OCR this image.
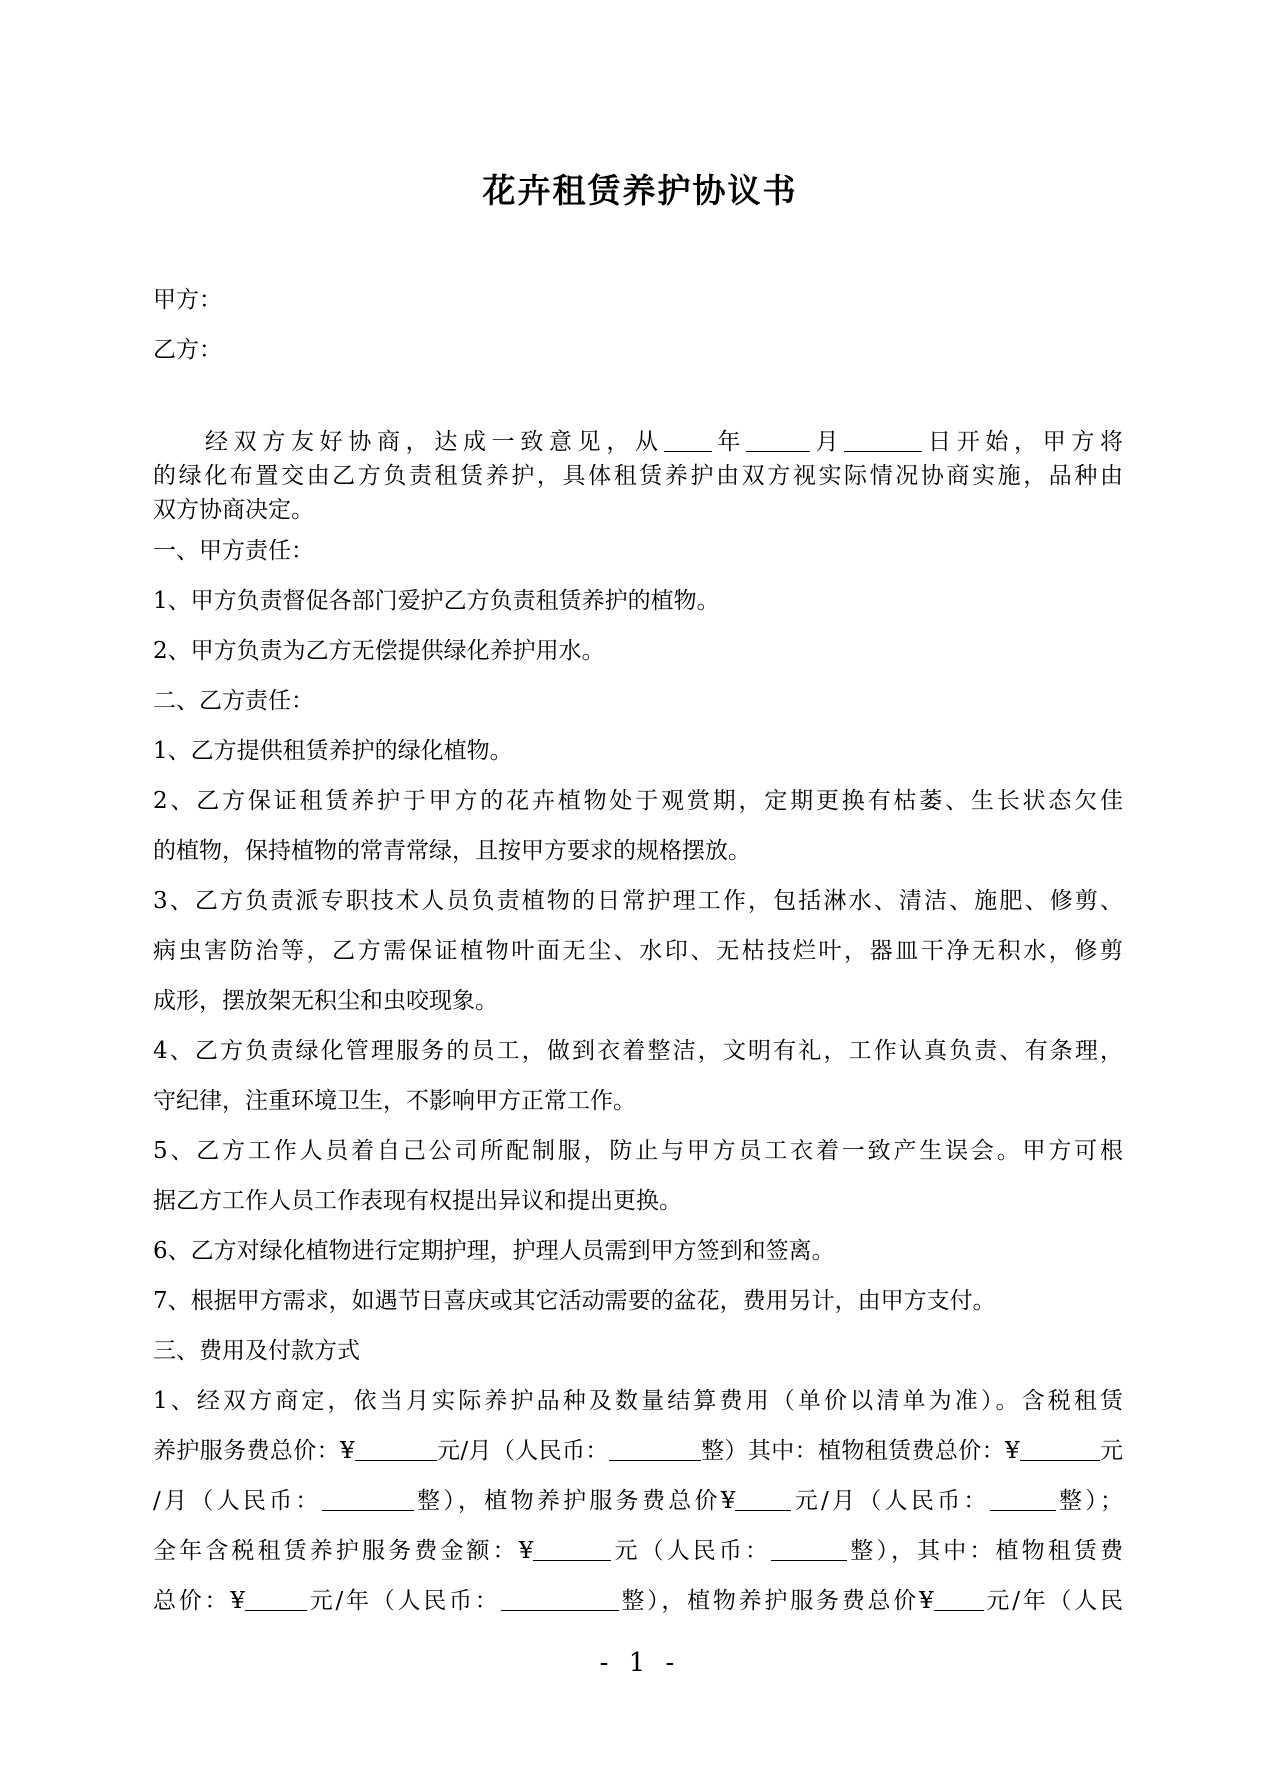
花卉租赁养护协议书
甲方：
乙方：
经双方友好协商，达成一致意见，从 年	月	日开始，甲方将
的绿化布置交由乙方负责租赁养护，具体租赁养护由双方视实际情况协商实施，品种由
双方协商决定。
一、甲方责任：
1、甲方负责督促各部门爱护乙方负责租赁养护的植物。
2、甲方负责为乙方无偿提供绿化养护用水。
二、乙方责任：
1、乙方提供租赁养护的绿化植物。
2、乙方保证租赁养护于甲方的花卉植物处于观赏期，定期更换有枯萎、生长状态欠佳
的植物，保持植物的常青常绿，且按甲方要求的规格摆放。
3、乙方负责派专职技术人员负责植物的日常护理工作，包括淋水、清洁、施肥、修剪、
病虫害防治等，乙方需保证植物叶面无尘、水印、无枯技烂叶，器皿干净无积水，修剪
成形，摆放架无积尘和虫咬现象。
4、乙方负责绿化管理服务的员工，做到衣着整洁，文明有礼，工作认真负责、有条理，
守纪律，注重环境卫生，不影响甲方正常工作。
5、乙方工作人员着自己公司所配制服，防止与甲方员工衣着一致产生误会。甲方可根
据乙方工作人员工作表现有权提出异议和提出更换。
6、乙方对绿化植物进行定期护理，护理人员需到甲方签到和签离。
7、根据甲方需求，如遇节日喜庆或其它活动需要的盆花，费用另计，由甲方支付。
三、费用及付款方式
1、经双方商定，依当月实际养护品种及数量结算费用（单价以清单为准）。含税租赁
养护服务费总价：¥	元/月（人民币：	整）其中：植物租赁费总价：¥	元
/月（人民币：	整），植物养护服务费总价¥ 元/月（人民币：	整）；
全年含税租赁养护服务费金额：¥	元（人民币：	整），其中：植物租赁费
总价：¥	元/年（人民币：	整），植物养护服务费总价¥ 元/年（人民
- 1 -
